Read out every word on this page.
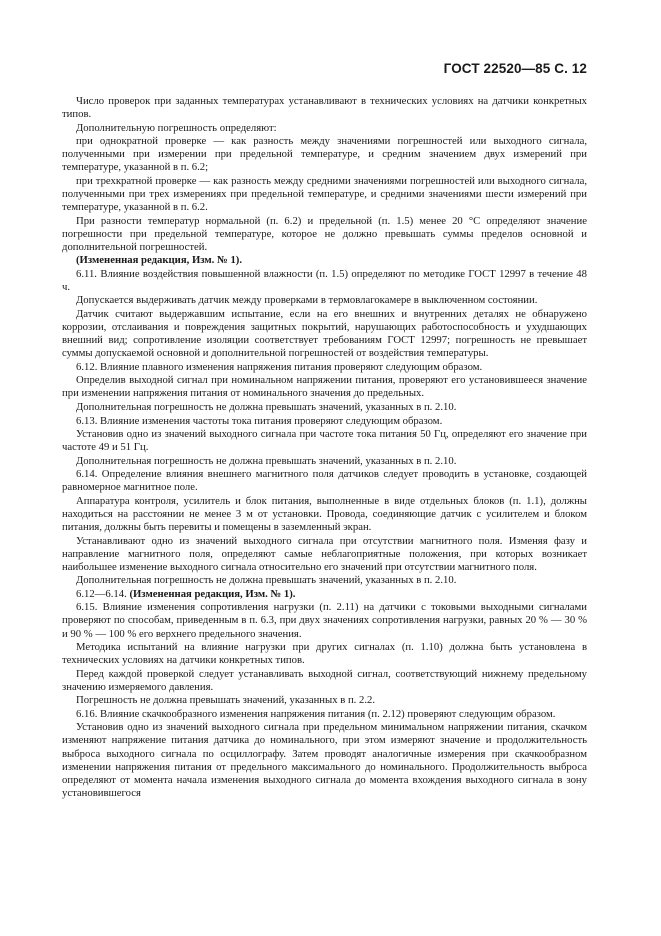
ГОСТ 22520—85 С. 12

Число проверок при заданных температурах устанавливают в технических условиях на датчики конкретных типов.

Дополнительную погрешность определяют:

при однократной проверке — как разность между значениями погрешностей или выходного сигнала, полученными при измерении при предельной температуре, и средним значением двух измерений при температуре, указанной в п. 6.2;

при трехкратной проверке — как разность между средними значениями погрешностей или выходного сигнала, полученными при трех измерениях при предельной температуре, и средними значениями шести измерений при температуре, указанной в п. 6.2.

При разности температур нормальной (п. 6.2) и предельной (п. 1.5) менее 20 °С определяют значение погрешности при предельной температуре, которое не должно превышать суммы пределов основной и дополнительной погрешностей.

(Измененная редакция, Изм. № 1).

6.11. Влияние воздействия повышенной влажности (п. 1.5) определяют по методике ГОСТ 12997 в течение 48 ч.

Допускается выдерживать датчик между проверками в термовлагокамере в выключенном состоянии.

Датчик считают выдержавшим испытание, если на его внешних и внутренних деталях не обнаружено коррозии, отслаивания и повреждения защитных покрытий, нарушающих работоспособность и ухудшающих внешний вид; сопротивление изоляции соответствует требованиям ГОСТ 12997; погрешность не превышает суммы допускаемой основной и дополнительной погрешностей от воздействия температуры.

6.12. Влияние плавного изменения напряжения питания проверяют следующим образом.

Определив выходной сигнал при номинальном напряжении питания, проверяют его установившееся значение при изменении напряжения питания от номинального значения до предельных.

Дополнительная погрешность не должна превышать значений, указанных в п. 2.10.

6.13. Влияние изменения частоты тока питания проверяют следующим образом.

Установив одно из значений выходного сигнала при частоте тока питания 50 Гц, определяют его значение при частоте 49 и 51 Гц.

Дополнительная погрешность не должна превышать значений, указанных в п. 2.10.

6.14. Определение влияния внешнего магнитного поля датчиков следует проводить в установке, создающей равномерное магнитное поле.

Аппаратура контроля, усилитель и блок питания, выполненные в виде отдельных блоков (п. 1.1), должны находиться на расстоянии не менее 3 м от установки. Провода, соединяющие датчик с усилителем и блоком питания, должны быть перевиты и помещены в заземленный экран.

Устанавливают одно из значений выходного сигнала при отсутствии магнитного поля. Изменяя фазу и направление магнитного поля, определяют самые неблагоприятные положения, при которых возникает наибольшее изменение выходного сигнала относительно его значений при отсутствии магнитного поля.

Дополнительная погрешность не должна превышать значений, указанных в п. 2.10.

6.12—6.14. (Измененная редакция, Изм. № 1).

6.15. Влияние изменения сопротивления нагрузки (п. 2.11) на датчики с токовыми выходными сигналами проверяют по способам, приведенным в п. 6.3, при двух значениях сопротивления нагрузки, равных 20 % — 30 % и 90 % — 100 % его верхнего предельного значения.

Методика испытаний на влияние нагрузки при других сигналах (п. 1.10) должна быть установлена в технических условиях на датчики конкретных типов.

Перед каждой проверкой следует устанавливать выходной сигнал, соответствующий нижнему предельному значению измеряемого давления.

Погрешность не должна превышать значений, указанных в п. 2.2.

6.16. Влияние скачкообразного изменения напряжения питания (п. 2.12) проверяют следующим образом.

Установив одно из значений выходного сигнала при предельном минимальном напряжении питания, скачком изменяют напряжение питания датчика до номинального, при этом измеряют значение и продолжительность выброса выходного сигнала по осциллографу. Затем проводят аналогичные измерения при скачкообразном изменении напряжения питания от предельного максимального до номинального. Продолжительность выброса определяют от момента начала изменения выходного сигнала до момента вхождения выходного сигнала в зону установившегося
